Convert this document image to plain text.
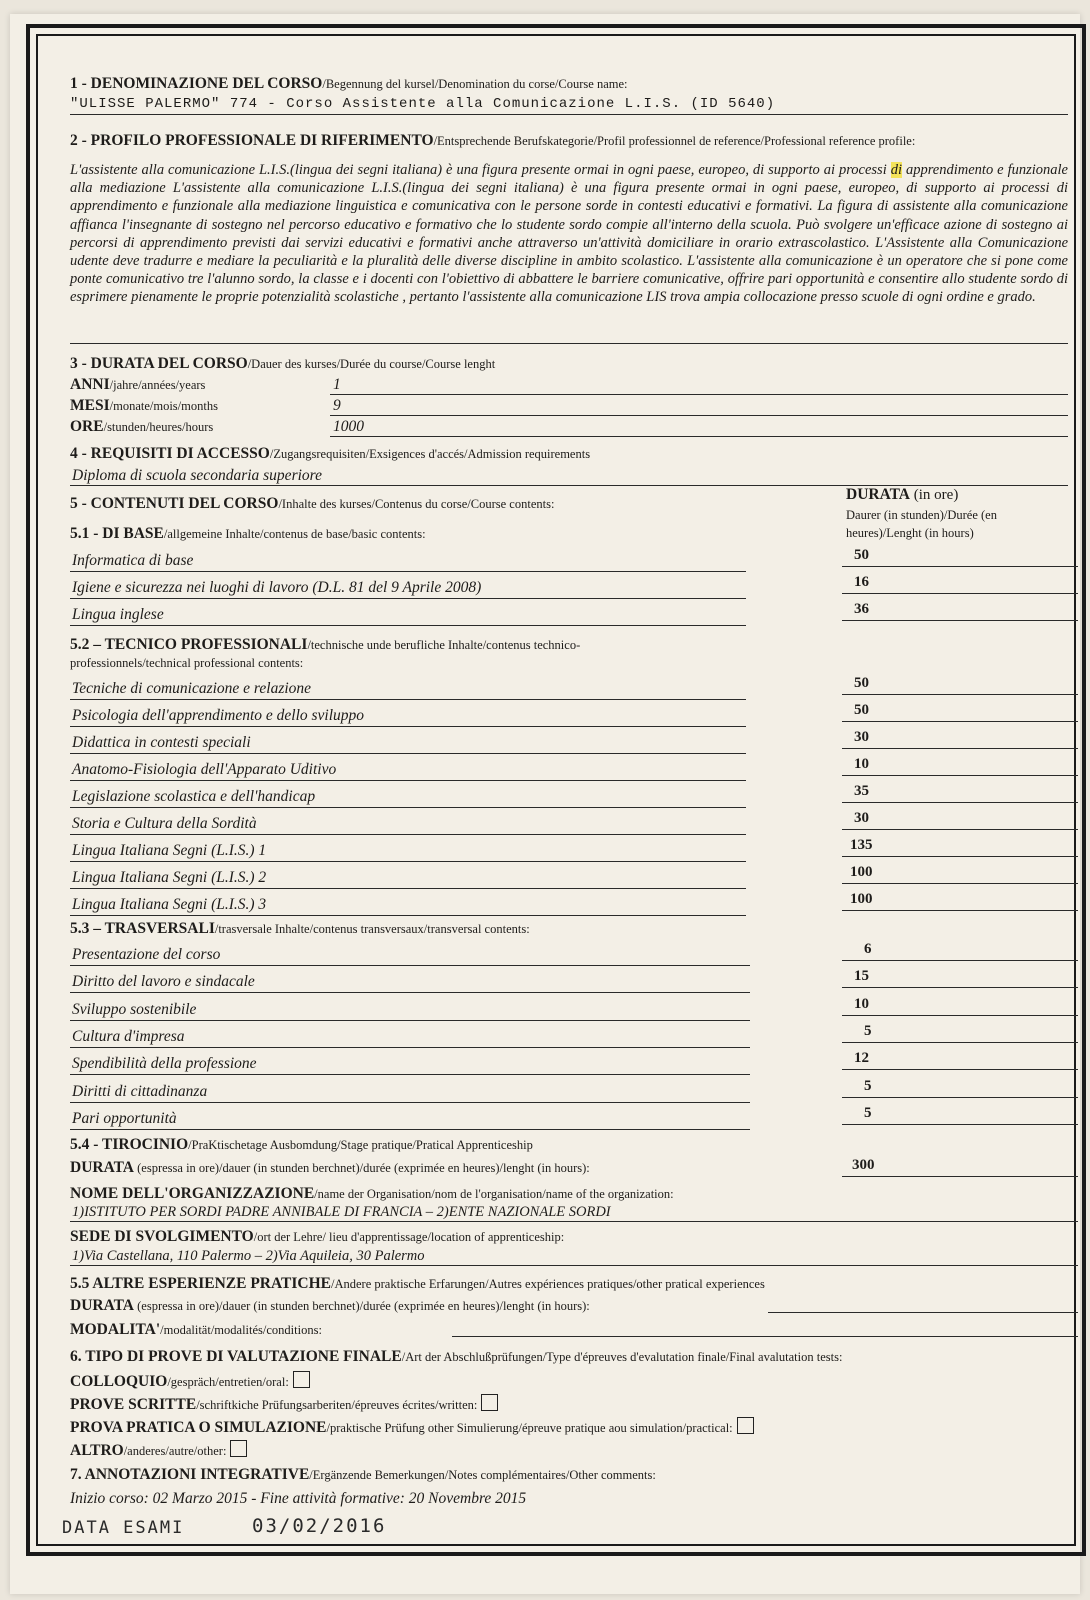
1 - DENOMINAZIONE DEL CORSO/Begennung del kursel/Denomination du corse/Course name:
"ULISSE PALERMO" 774 - Corso Assistente alla Comunicazione L.I.S. (ID 5640)
2 - PROFILO PROFESSIONALE DI RIFERIMENTO/Entsprechende Berufskategorie/Profil professionnel de reference/Professional reference profile:
L'assistente alla comunicazione L.I.S.(lingua dei segni italiana) è una figura presente ormai in ogni paese, europeo, di supporto ai processi di apprendimento e funzionale alla mediazione L'assistente alla comunicazione L.I.S.(lingua dei segni italiana) è una figura presente ormai in ogni paese, europeo, di supporto ai processi di apprendimento e funzionale alla mediazione linguistica e comunicativa con le persone sorde in contesti educativi e formativi. La figura di assistente alla comunicazione affianca l'insegnante di sostegno nel percorso educativo e formativo che lo studente sordo compie all'interno della scuola. Può svolgere un'efficace azione di sostegno ai percorsi di apprendimento previsti dai servizi educativi e formativi anche attraverso un'attività domiciliare in orario extrascolastico. L'Assistente alla Comunicazione udente deve tradurre e mediare la peculiarità e la pluralità delle diverse discipline in ambito scolastico. L'assistente alla comunicazione è un operatore che si pone come ponte comunicativo tre l'alunno sordo, la classe e i docenti con l'obiettivo di abbattere le barriere comunicative, offrire pari opportunità e consentire allo studente sordo di esprimere pienamente le proprie potenzialità scolastiche , pertanto l'assistente alla comunicazione LIS trova ampia collocazione presso scuole di ogni ordine e grado.
3 - DURATA DEL CORSO/Dauer des kurses/Durée du course/Course lenght
ANNI/jahre/années/years	1
MESI/monate/mois/months	9
ORE/stunden/heures/hours	1000
4 - REQUISITI DI ACCESSO/Zugangsrequisiten/Exsigences d'accés/Admission requirements
Diploma di scuola secondaria superiore
5 - CONTENUTI DEL CORSO/Inhalte des kurses/Contenus du corse/Course contents:
DURATA (in ore)
Daurer (in stunden)/Durée (en
heures)/Lenght (in hours)
5.1 - DI BASE/allgemeine Inhalte/contenus de base/basic contents:
Informatica di base	50
Igiene e sicurezza nei luoghi di lavoro (D.L. 81 del 9 Aprile 2008)	16
Lingua inglese	36
5.2 – TECNICO PROFESSIONALI/technische unde berufliche Inhalte/contenus technico-
professionnels/technical professional contents:
Tecniche di comunicazione e relazione	50
Psicologia dell'apprendimento e dello sviluppo	50
Didattica in contesti speciali	30
Anatomo-Fisiologia dell'Apparato Uditivo	10
Legislazione scolastica e dell'handicap	35
Storia e Cultura della Sordità	30
Lingua Italiana Segni (L.I.S.) 1	135
Lingua Italiana Segni (L.I.S.) 2	100
Lingua Italiana Segni (L.I.S.) 3	100
5.3 – TRASVERSALI/trasversale Inhalte/contenus transversaux/transversal contents:
Presentazione del corso	6
Diritto del lavoro e sindacale	15
Sviluppo sostenibile	10
Cultura d'impresa	5
Spendibilità della professione	12
Diritti di cittadinanza	5
Pari opportunità	5
5.4 - TIROCINIO/PraKtischetage Ausbomdung/Stage pratique/Pratical Apprenticeship
DURATA (espressa in ore)/dauer (in stunden berchnet)/durée (exprimée en heures)/lenght (in hours):	300
NOME DELL'ORGANIZZAZIONE/name der Organisation/nom de l'organisation/name of the organization:
1)ISTITUTO PER SORDI PADRE ANNIBALE DI FRANCIA – 2)ENTE NAZIONALE SORDI
SEDE DI SVOLGIMENTO/ort der Lehre/ lieu d'apprentissage/location of apprenticeship:
1)Via Castellana, 110 Palermo – 2)Via Aquileia, 30 Palermo
5.5 ALTRE ESPERIENZE PRATICHE/Andere praktische Erfarungen/Autres expériences pratiques/other pratical experiences
DURATA (espressa in ore)/dauer (in stunden berchnet)/durée (exprimée en heures)/lenght (in hours):
MODALITA'/modalität/modalités/conditions:
6. TIPO DI PROVE DI VALUTAZIONE FINALE/Art der Abschlußprüfungen/Type d'épreuves d'evalutation finale/Final avalutation tests:
COLLOQUIO/gespräch/entretien/oral:
PROVE SCRITTE/schriftkiche Prüfungsarberiten/épreuves écrites/written:
PROVA PRATICA O SIMULAZIONE/praktische Prüfung other Simulierung/épreuve pratique aou simulation/practical:
ALTRO/anderes/autre/other:
7. ANNOTAZIONI INTEGRATIVE/Ergänzende Bemerkungen/Notes complémentaires/Other comments:
Inizio corso: 02 Marzo 2015 - Fine attività formative: 20 Novembre 2015
DATA ESAMI	03/02/2016
